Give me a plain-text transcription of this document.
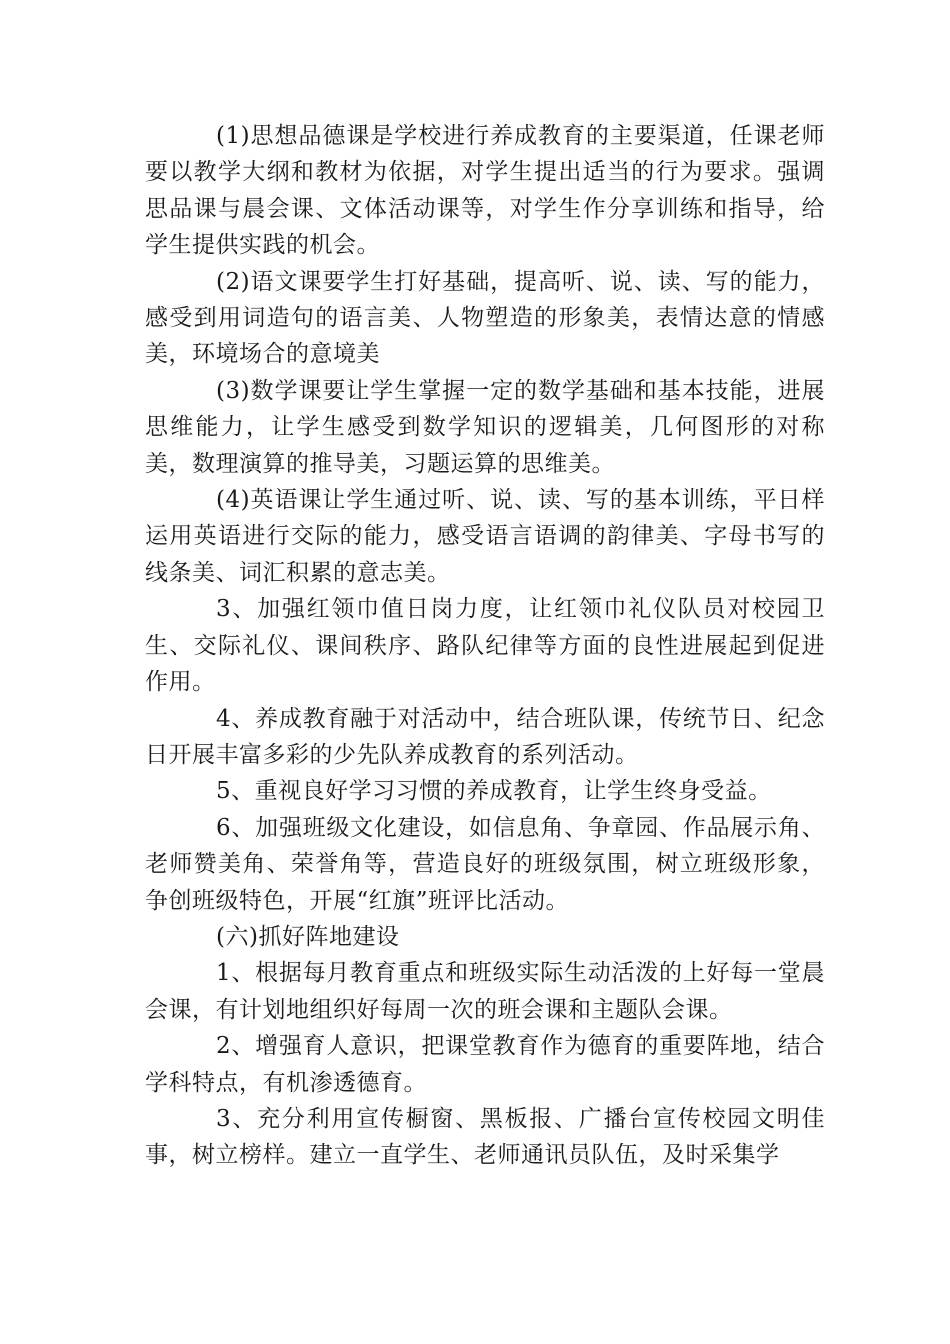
(1)思想品德课是学校进行养成教育的主要渠道，任课老师要以教学大纲和教材为依据，对学生提出适当的行为要求。强调思品课与晨会课、文体活动课等，对学生作分享训练和指导，给学生提供实践的机会。

(2)语文课要学生打好基础，提高听、说、读、写的能力，感受到用词造句的语言美、人物塑造的形象美，表情达意的情感美，环境场合的意境美

(3)数学课要让学生掌握一定的数学基础和基本技能，进展思维能力，让学生感受到数学知识的逻辑美，几何图形的对称美，数理演算的推导美，习题运算的思维美。

(4)英语课让学生通过听、说、读、写的基本训练，平日样运用英语进行交际的能力，感受语言语调的韵律美、字母书写的线条美、词汇积累的意志美。

3、加强红领巾值日岗力度，让红领巾礼仪队员对校园卫生、交际礼仪、课间秩序、路队纪律等方面的良性进展起到促进作用。

4、养成教育融于对活动中，结合班队课，传统节日、纪念日开展丰富多彩的少先队养成教育的系列活动。

5、重视良好学习习惯的养成教育，让学生终身受益。

6、加强班级文化建设，如信息角、争章园、作品展示角、老师赞美角、荣誉角等，营造良好的班级氛围，树立班级形象，争创班级特色，开展“红旗”班评比活动。

(六)抓好阵地建设

1、根据每月教育重点和班级实际生动活泼的上好每一堂晨会课，有计划地组织好每周一次的班会课和主题队会课。

2、增强育人意识，把课堂教育作为德育的重要阵地，结合学科特点，有机渗透德育。

3、充分利用宣传橱窗、黑板报、广播台宣传校园文明佳事，树立榜样。建立一直学生、老师通讯员队伍，及时采集学
